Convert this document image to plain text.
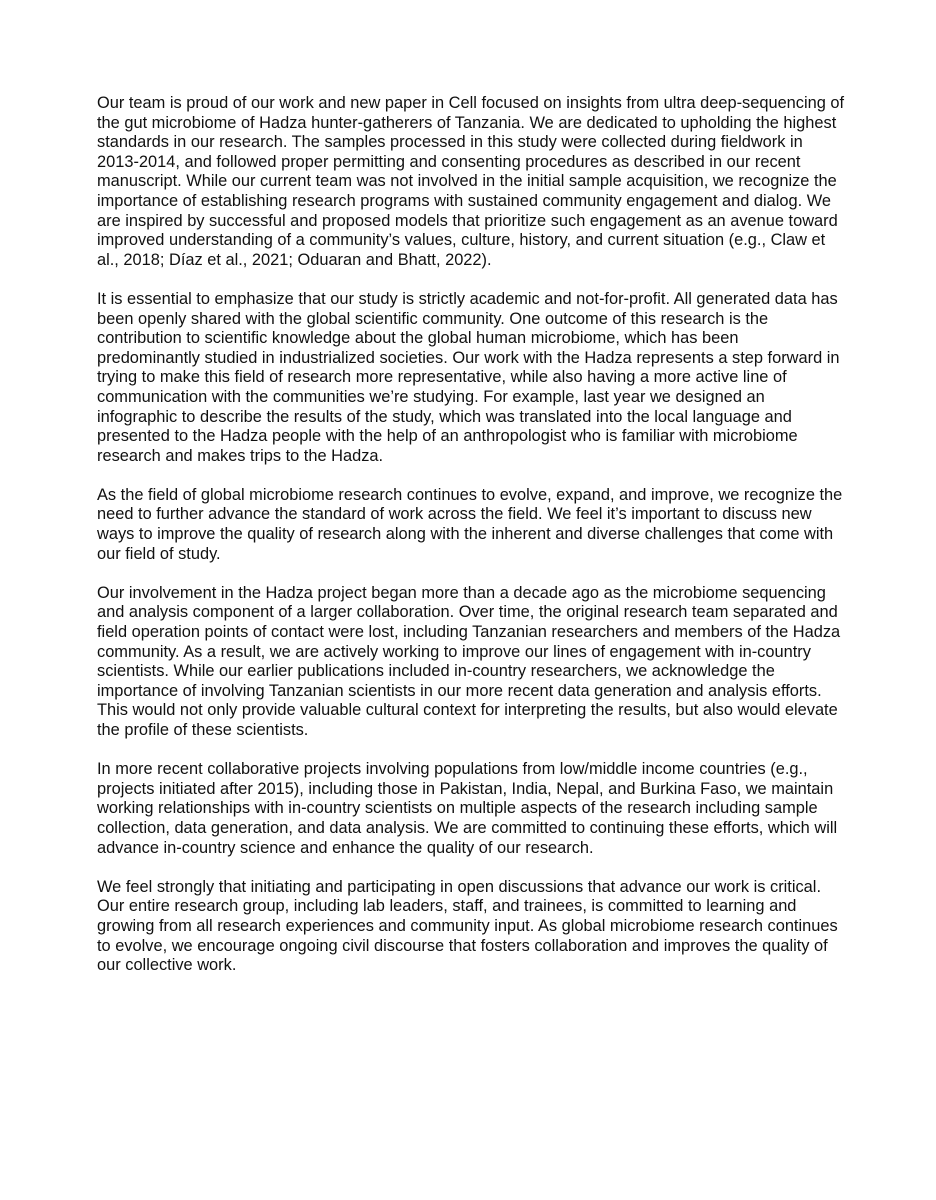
Our team is proud of our work and new paper in Cell focused on insights from ultra deep-sequencing of the gut microbiome of Hadza hunter-gatherers of Tanzania. We are dedicated to upholding the highest standards in our research. The samples processed in this study were collected during fieldwork in 2013-2014, and followed proper permitting and consenting procedures as described in our recent manuscript. While our current team was not involved in the initial sample acquisition, we recognize the importance of establishing research programs with sustained community engagement and dialog. We are inspired by successful and proposed models that prioritize such engagement as an avenue toward improved understanding of a community’s values, culture, history, and current situation (e.g., Claw et al., 2018; Díaz et al., 2021; Oduaran and Bhatt, 2022).

It is essential to emphasize that our study is strictly academic and not-for-profit. All generated data has been openly shared with the global scientific community. One outcome of this research is the contribution to scientific knowledge about the global human microbiome, which has been predominantly studied in industrialized societies. Our work with the Hadza represents a step forward in trying to make this field of research more representative, while also having a more active line of communication with the communities we’re studying. For example, last year we designed an infographic to describe the results of the study, which was translated into the local language and presented to the Hadza people with the help of an anthropologist who is familiar with microbiome research and makes trips to the Hadza.

As the field of global microbiome research continues to evolve, expand, and improve, we recognize the need to further advance the standard of work across the field. We feel it’s important to discuss new ways to improve the quality of research along with the inherent and diverse challenges that come with our field of study.

Our involvement in the Hadza project began more than a decade ago as the microbiome sequencing and analysis component of a larger collaboration. Over time, the original research team separated and field operation points of contact were lost, including Tanzanian researchers and members of the Hadza community. As a result, we are actively working to improve our lines of engagement with in-country scientists. While our earlier publications included in-country researchers, we acknowledge the importance of involving Tanzanian scientists in our more recent data generation and analysis efforts. This would not only provide valuable cultural context for interpreting the results, but also would elevate the profile of these scientists.

In more recent collaborative projects involving populations from low/middle income countries (e.g., projects initiated after 2015), including those in Pakistan, India, Nepal, and Burkina Faso, we maintain working relationships with in-country scientists on multiple aspects of the research including sample collection, data generation, and data analysis. We are committed to continuing these efforts, which will advance in-country science and enhance the quality of our research.

We feel strongly that initiating and participating in open discussions that advance our work is critical. Our entire research group, including lab leaders, staff, and trainees, is committed to learning and growing from all research experiences and community input. As global microbiome research continues to evolve, we encourage ongoing civil discourse that fosters collaboration and improves the quality of our collective work.
